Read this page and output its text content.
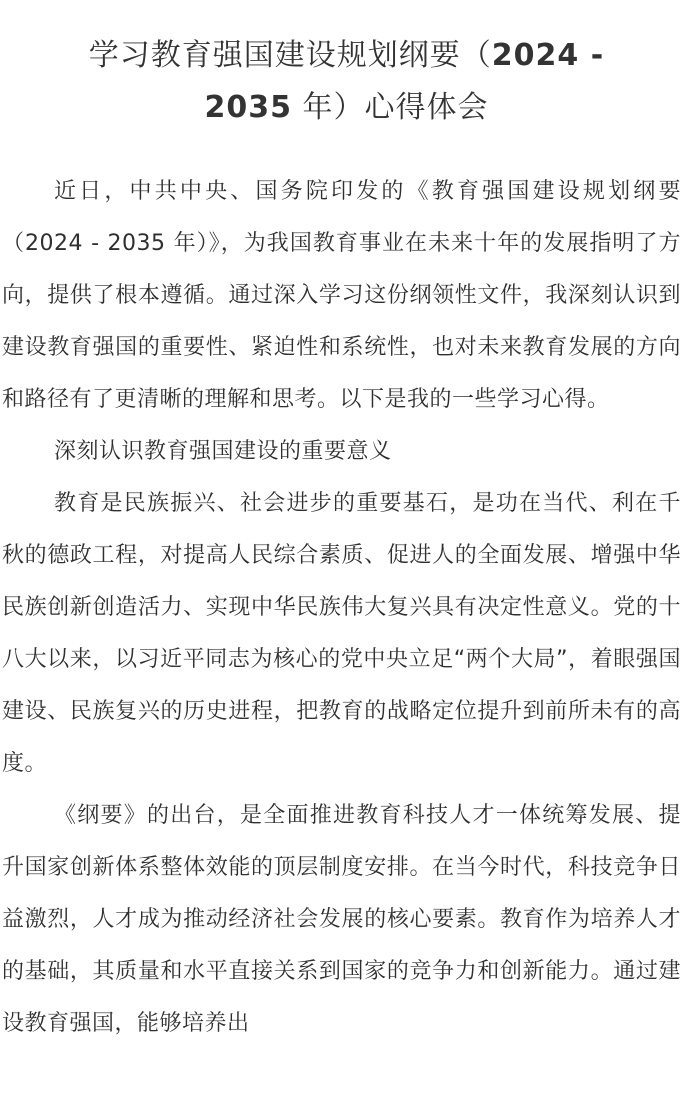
学习教育强国建设规划纲要（2024 -
2035 年）心得体会

近日，中共中央、国务院印发的《教育强国建设规划纲要（2024 - 2035 年）》，为我国教育事业在未来十年的发展指明了方向，提供了根本遵循。通过深入学习这份纲领性文件，我深刻认识到建设教育强国的重要性、紧迫性和系统性，也对未来教育发展的方向和路径有了更清晰的理解和思考。以下是我的一些学习心得。

深刻认识教育强国建设的重要意义

教育是民族振兴、社会进步的重要基石，是功在当代、利在千秋的德政工程，对提高人民综合素质、促进人的全面发展、增强中华民族创新创造活力、实现中华民族伟大复兴具有决定性意义。党的十八大以来，以习近平同志为核心的党中央立足“两个大局”，着眼强国建设、民族复兴的历史进程，把教育的战略定位提升到前所未有的高度。

《纲要》的出台，是全面推进教育科技人才一体统筹发展、提升国家创新体系整体效能的顶层制度安排。在当今时代，科技竞争日益激烈，人才成为推动经济社会发展的核心要素。教育作为培养人才的基础，其质量和水平直接关系到国家的竞争力和创新能力。通过建设教育强国，能够培养出
